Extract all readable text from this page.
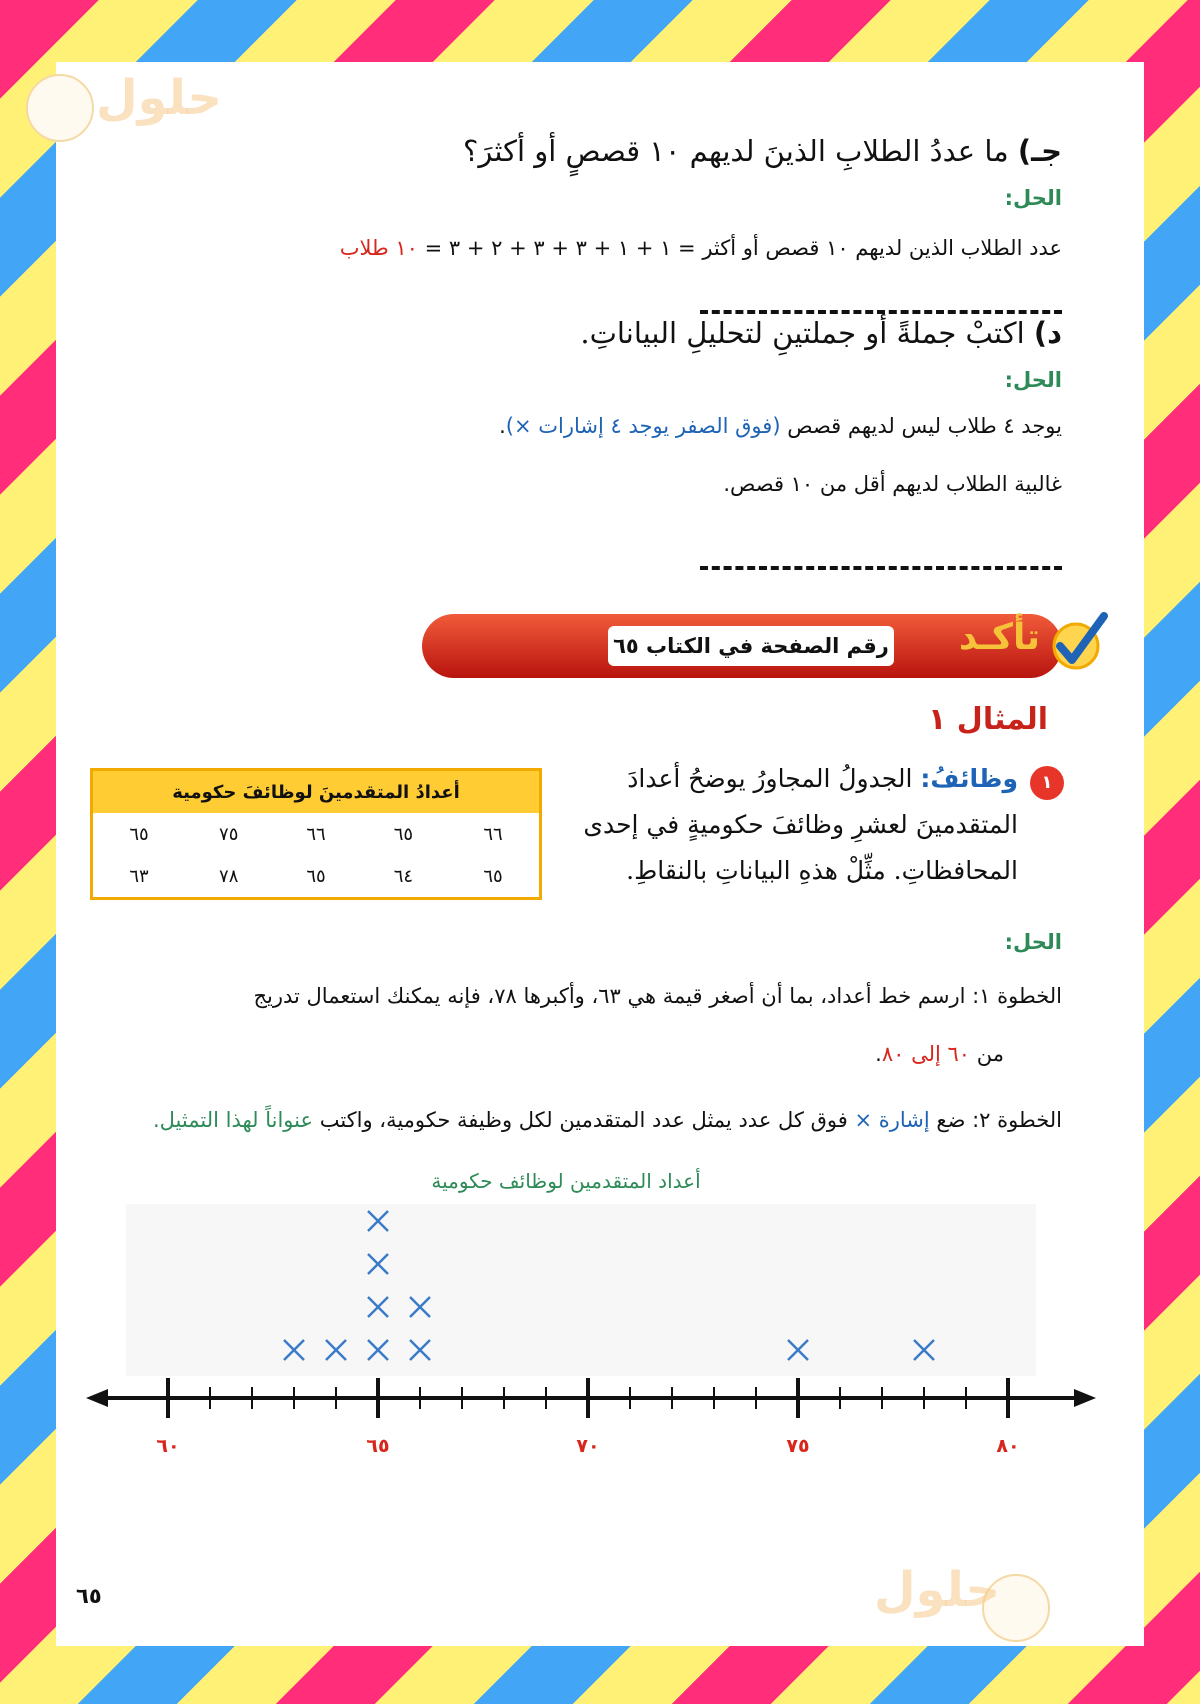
حلول
جـ) ما عددُ الطلابِ الذينَ لديهم ١٠ قصصٍ أو أكثرَ؟
الحل:
عدد الطلاب الذين لديهم ١٠ قصص أو أكثر = ١ + ١ + ٣ + ٣ + ٢ + ٣ = ١٠ طلاب
د) اكتبْ جملةً أو جملتينِ لتحليلِ البياناتِ.
الحل:
يوجد ٤ طلاب ليس لديهم قصص (فوق الصفر يوجد ٤ إشارات ×).
غالبية الطلاب لديهم أقل من ١٠ قصص.
رقم الصفحة في الكتاب ٦٥ تأكـد
المثال ١
١
وظائفُ: الجدولُ المجاورُ يوضحُ أعدادَ المتقدمينَ لعشرِ وظائفَ حكوميةٍ في إحدى المحافظاتِ. مثِّلْ هذهِ البياناتِ بالنقاطِ.
أعدادُ المتقدمينَ لوظائفَ حكومية				
٦٦	٦٥	٦٦	٧٥	٦٥
٦٥	٦٤	٦٥	٧٨	٦٣
الحل:
الخطوة ١: ارسم خط أعداد، بما أن أصغر قيمة هي ٦٣، وأكبرها ٧٨، فإنه يمكنك استعمال تدريج
من ٦٠ إلى ٨٠.
الخطوة ٢: ضع إشارة × فوق كل عدد يمثل عدد المتقدمين لكل وظيفة حكومية، واكتب عنواناً لهذا التمثيل.
أعداد المتقدمين لوظائف حكومية
٦٠	٦٥	٧٠	٧٥	٨٠
حلول
٦٥
